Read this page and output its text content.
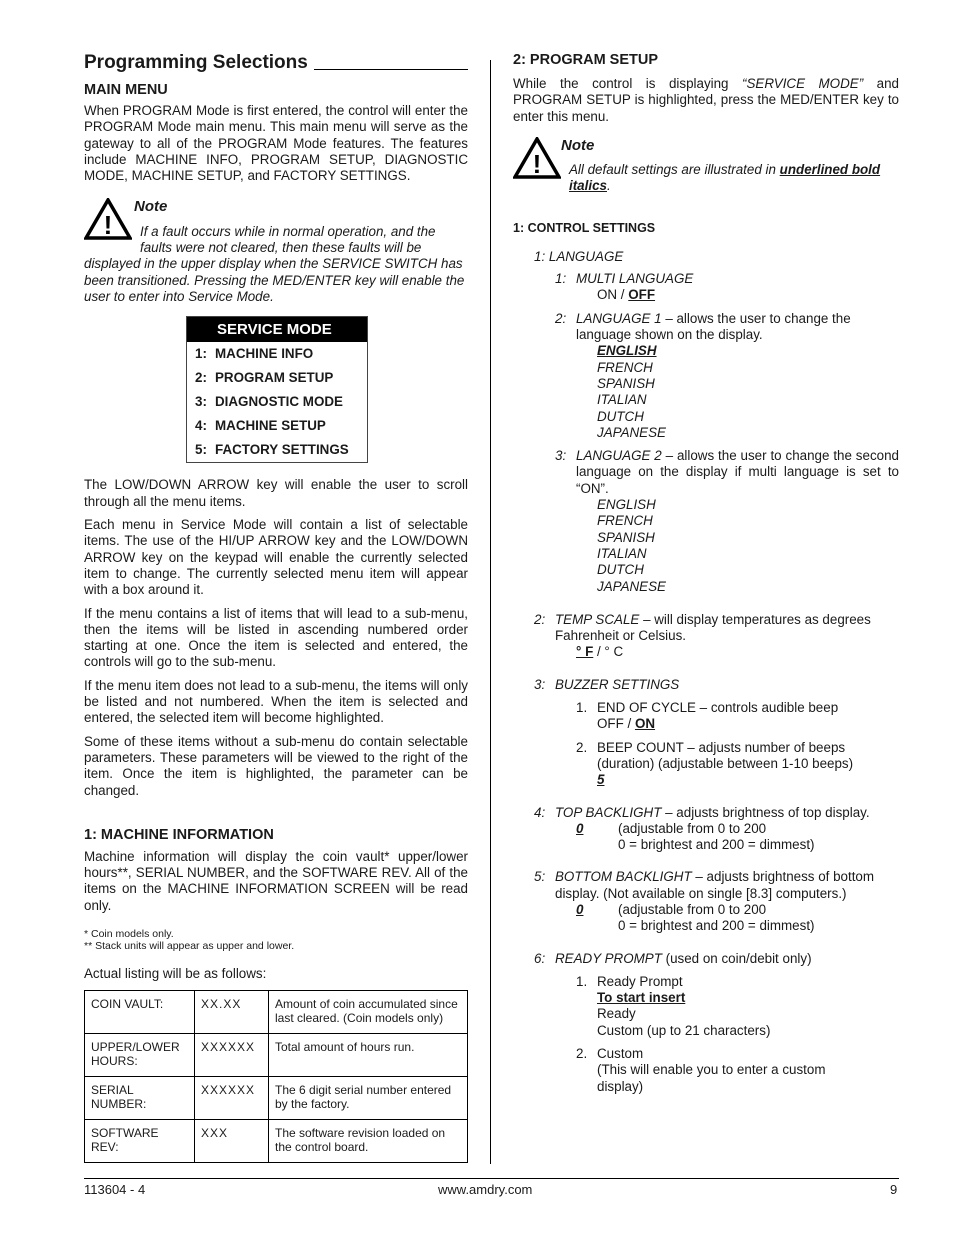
Programming Selections
MAIN MENU

When PROGRAM Mode is first entered, the control will enter the PROGRAM Mode main menu. This main menu will serve as the gateway to all of the PROGRAM Mode features. The features include MACHINE INFO, PROGRAM SETUP, DIAGNOSTIC MODE, MACHINE SETUP, and FACTORY SETTINGS.

!
Note
If a fault occurs while in normal operation, and the
faults were not cleared, then these faults will be
displayed in the upper display when the SERVICE SWITCH has been transitioned. Pressing the MED/ENTER key will enable the user to enter into Service Mode.
SERVICE MODE
1: MACHINE INFO
2: PROGRAM SETUP
3: DIAGNOSTIC MODE
4: MACHINE SETUP
5: FACTORY SETTINGS

The LOW/DOWN ARROW key will enable the user to scroll through all the menu items.

Each menu in Service Mode will contain a list of selectable items. The use of the HI/UP ARROW key and the LOW/DOWN ARROW key on the keypad will enable the currently selected item to change. The currently selected menu item will appear with a box around it.

If the menu contains a list of items that will lead to a sub-menu, then the items will be listed in ascending numbered order starting at one. Once the item is selected and entered, the controls will go to the sub-menu.

If the menu item does not lead to a sub-menu, the items will only be listed and not numbered. When the item is selected and entered, the selected item will become highlighted.

Some of these items without a sub-menu do contain selectable parameters. These parameters will be viewed to the right of the item. Once the item is highlighted, the parameter can be changed.

1: MACHINE INFORMATION

Machine information will display the coin vault* upper/lower hours**, SERIAL NUMBER, and the SOFTWARE REV. All of the items on the MACHINE INFORMATION SCREEN will be read only.

* Coin models only.
** Stack units will appear as upper and lower.

Actual listing will be as follows:

COIN VAULT:	XX.XX	Amount of coin accumulated since last cleared. (Coin models only)
UPPER/LOWER HOURS:	XXXXXX	Total amount of hours run.
SERIAL NUMBER:	XXXXXX	The 6 digit serial number entered by the factory.
SOFTWARE REV:	XXX	The software revision loaded on the control board.
2: PROGRAM SETUP

While the control is displaying “SERVICE MODE” and PROGRAM SETUP is highlighted, press the MED/ENTER key to enter this menu.

!
Note
All default settings are illustrated in underlined bold italics.
1: CONTROL SETTINGS
1: LANGUAGE
1: MULTI LANGUAGE
ON / OFF
2: LANGUAGE 1 – allows the user to change the language shown on the display.
ENGLISH
FRENCH
SPANISH
ITALIAN
DUTCH
JAPANESE
3: LANGUAGE 2 – allows the user to change the second language on the display if multi language is set to “ON”.
ENGLISH
FRENCH
SPANISH
ITALIAN
DUTCH
JAPANESE
2: TEMP SCALE – will display temperatures as degrees Fahrenheit or Celsius.
° F / ° C
3: BUZZER SETTINGS
1. END OF CYCLE – controls audible beep
OFF / ON
2. BEEP COUNT – adjusts number of beeps (duration) (adjustable between 1-10 beeps)
5
4: TOP BACKLIGHT – adjusts brightness of top display.
0	(adjustable from 0 to 200
0 = brightest and 200 = dimmest)
5: BOTTOM BACKLIGHT – adjusts brightness of bottom display. (Not available on single [8.3] computers.)
0	(adjustable from 0 to 200
0 = brightest and 200 = dimmest)
6: READY PROMPT (used on coin/debit only)
1. Ready Prompt
To start insert
Ready
Custom (up to 21 characters)
2. Custom
(This will enable you to enter a custom display)
113604 - 4	www.amdry.com	9
